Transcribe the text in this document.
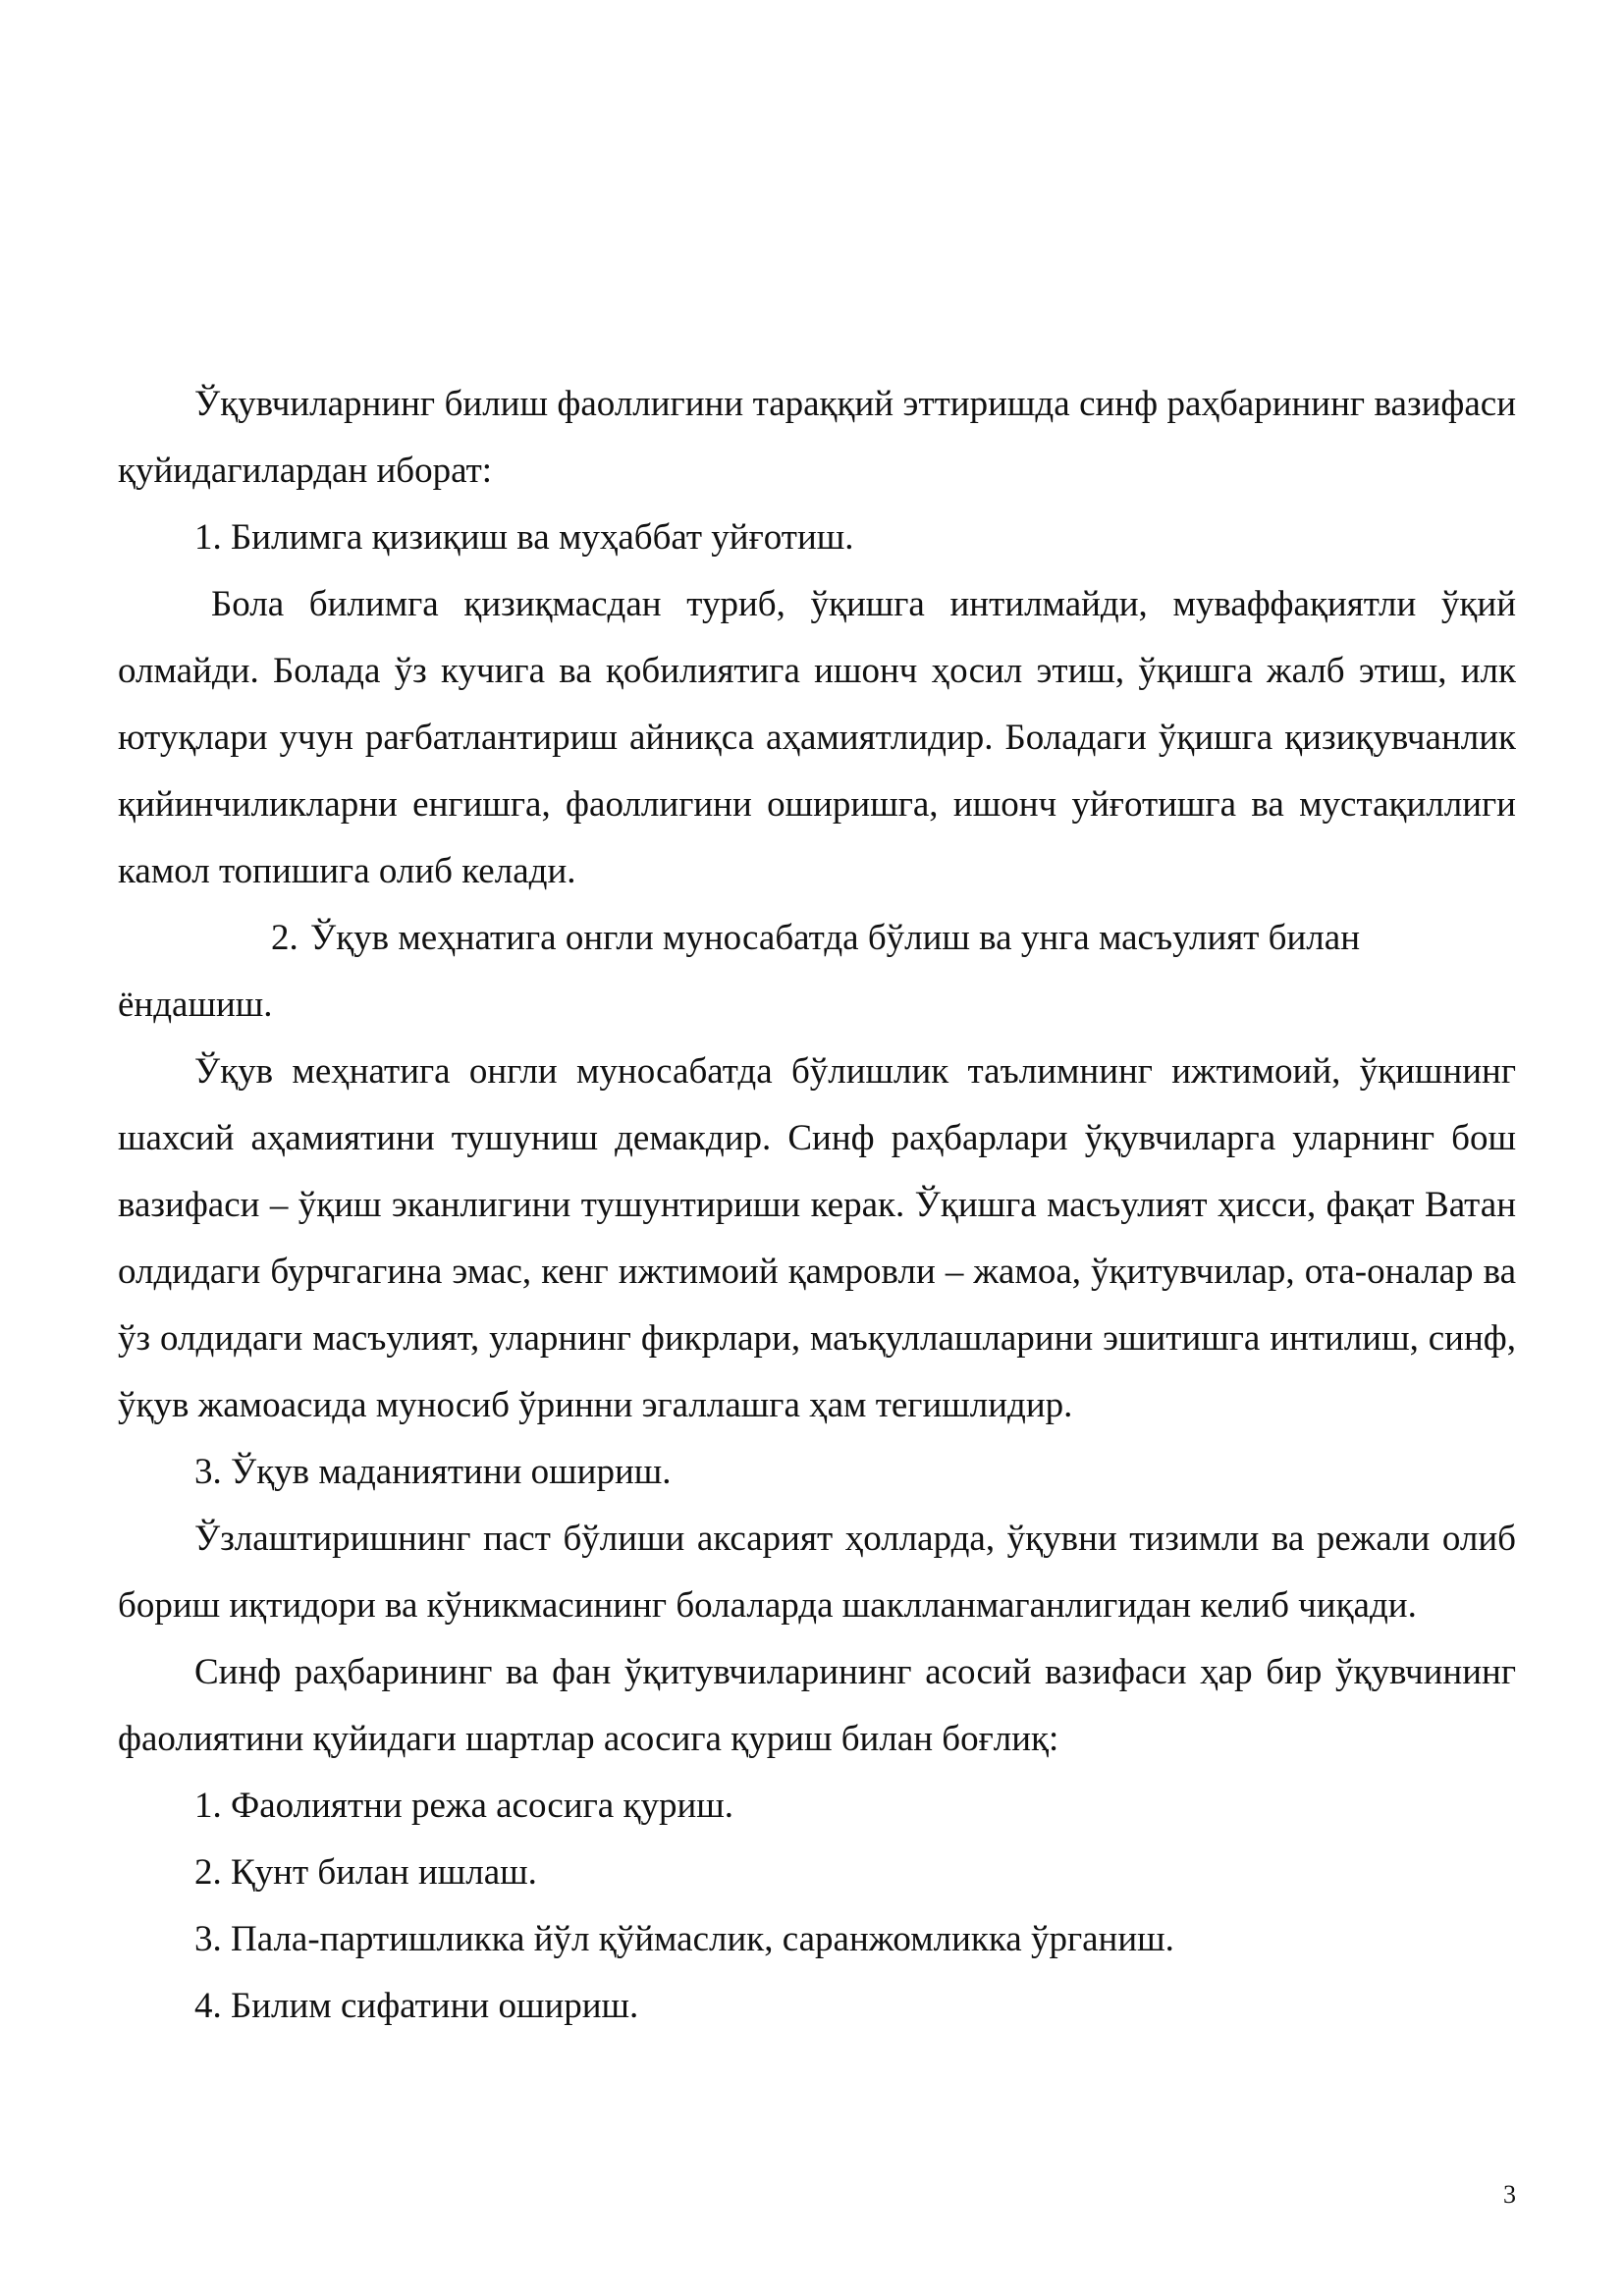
Ўқувчиларнинг билиш фаоллигини тараққий эттиришда синф раҳбарининг вазифаси қуйидагилардан иборат:

1. Билимга қизиқиш ва муҳаббат уйғотиш.

Бола билимга қизиқмасдан туриб, ўқишга интилмайди, муваффақиятли ўқий олмайди. Болада ўз кучига ва қобилиятига ишонч ҳосил этиш, ўқишга жалб этиш, илк ютуқлари учун рағбатлантириш айниқса аҳамиятлидир. Боладаги ўқишга қизиқувчанлик қийинчиликларни енгишга, фаоллигини оширишга, ишонч уйғотишга ва мустақиллиги камол топишига олиб келади.

2. Ўқув меҳнатига онгли муносабатда бўлиш ва унга масъулият билан ёндашиш.

Ўқув меҳнатига онгли муносабатда бўлишлик таълимнинг ижтимоий, ўқишнинг шахсий аҳамиятини тушуниш демакдир. Синф раҳбарлари ўқувчиларга уларнинг бош вазифаси – ўқиш эканлигини тушунтириши керак. Ўқишга масъулият ҳисси, фақат Ватан олдидаги бурчгагина эмас, кенг ижтимоий қамровли – жамоа, ўқитувчилар, ота-оналар ва ўз олдидаги масъулият, уларнинг фикрлари, маъқуллашларини эшитишга интилиш, синф, ўқув жамоасида муносиб ўринни эгаллашга ҳам тегишлидир.

3. Ўқув маданиятини ошириш.

Ўзлаштиришнинг паст бўлиши аксарият ҳолларда, ўқувни тизимли ва режали олиб бориш иқтидори ва кўникмасининг болаларда шаклланмаганлигидан келиб чиқади.

Синф раҳбарининг ва фан ўқитувчиларининг асосий вазифаси ҳар бир ўқувчининг фаолиятини қуйидаги шартлар асосига қуриш билан боғлиқ:

1. Фаолиятни режа асосига қуриш.

2. Қунт билан ишлаш.

3. Пала-партишликка йўл қўймаслик, саранжомликка ўрганиш.

4. Билим сифатини ошириш.

3
